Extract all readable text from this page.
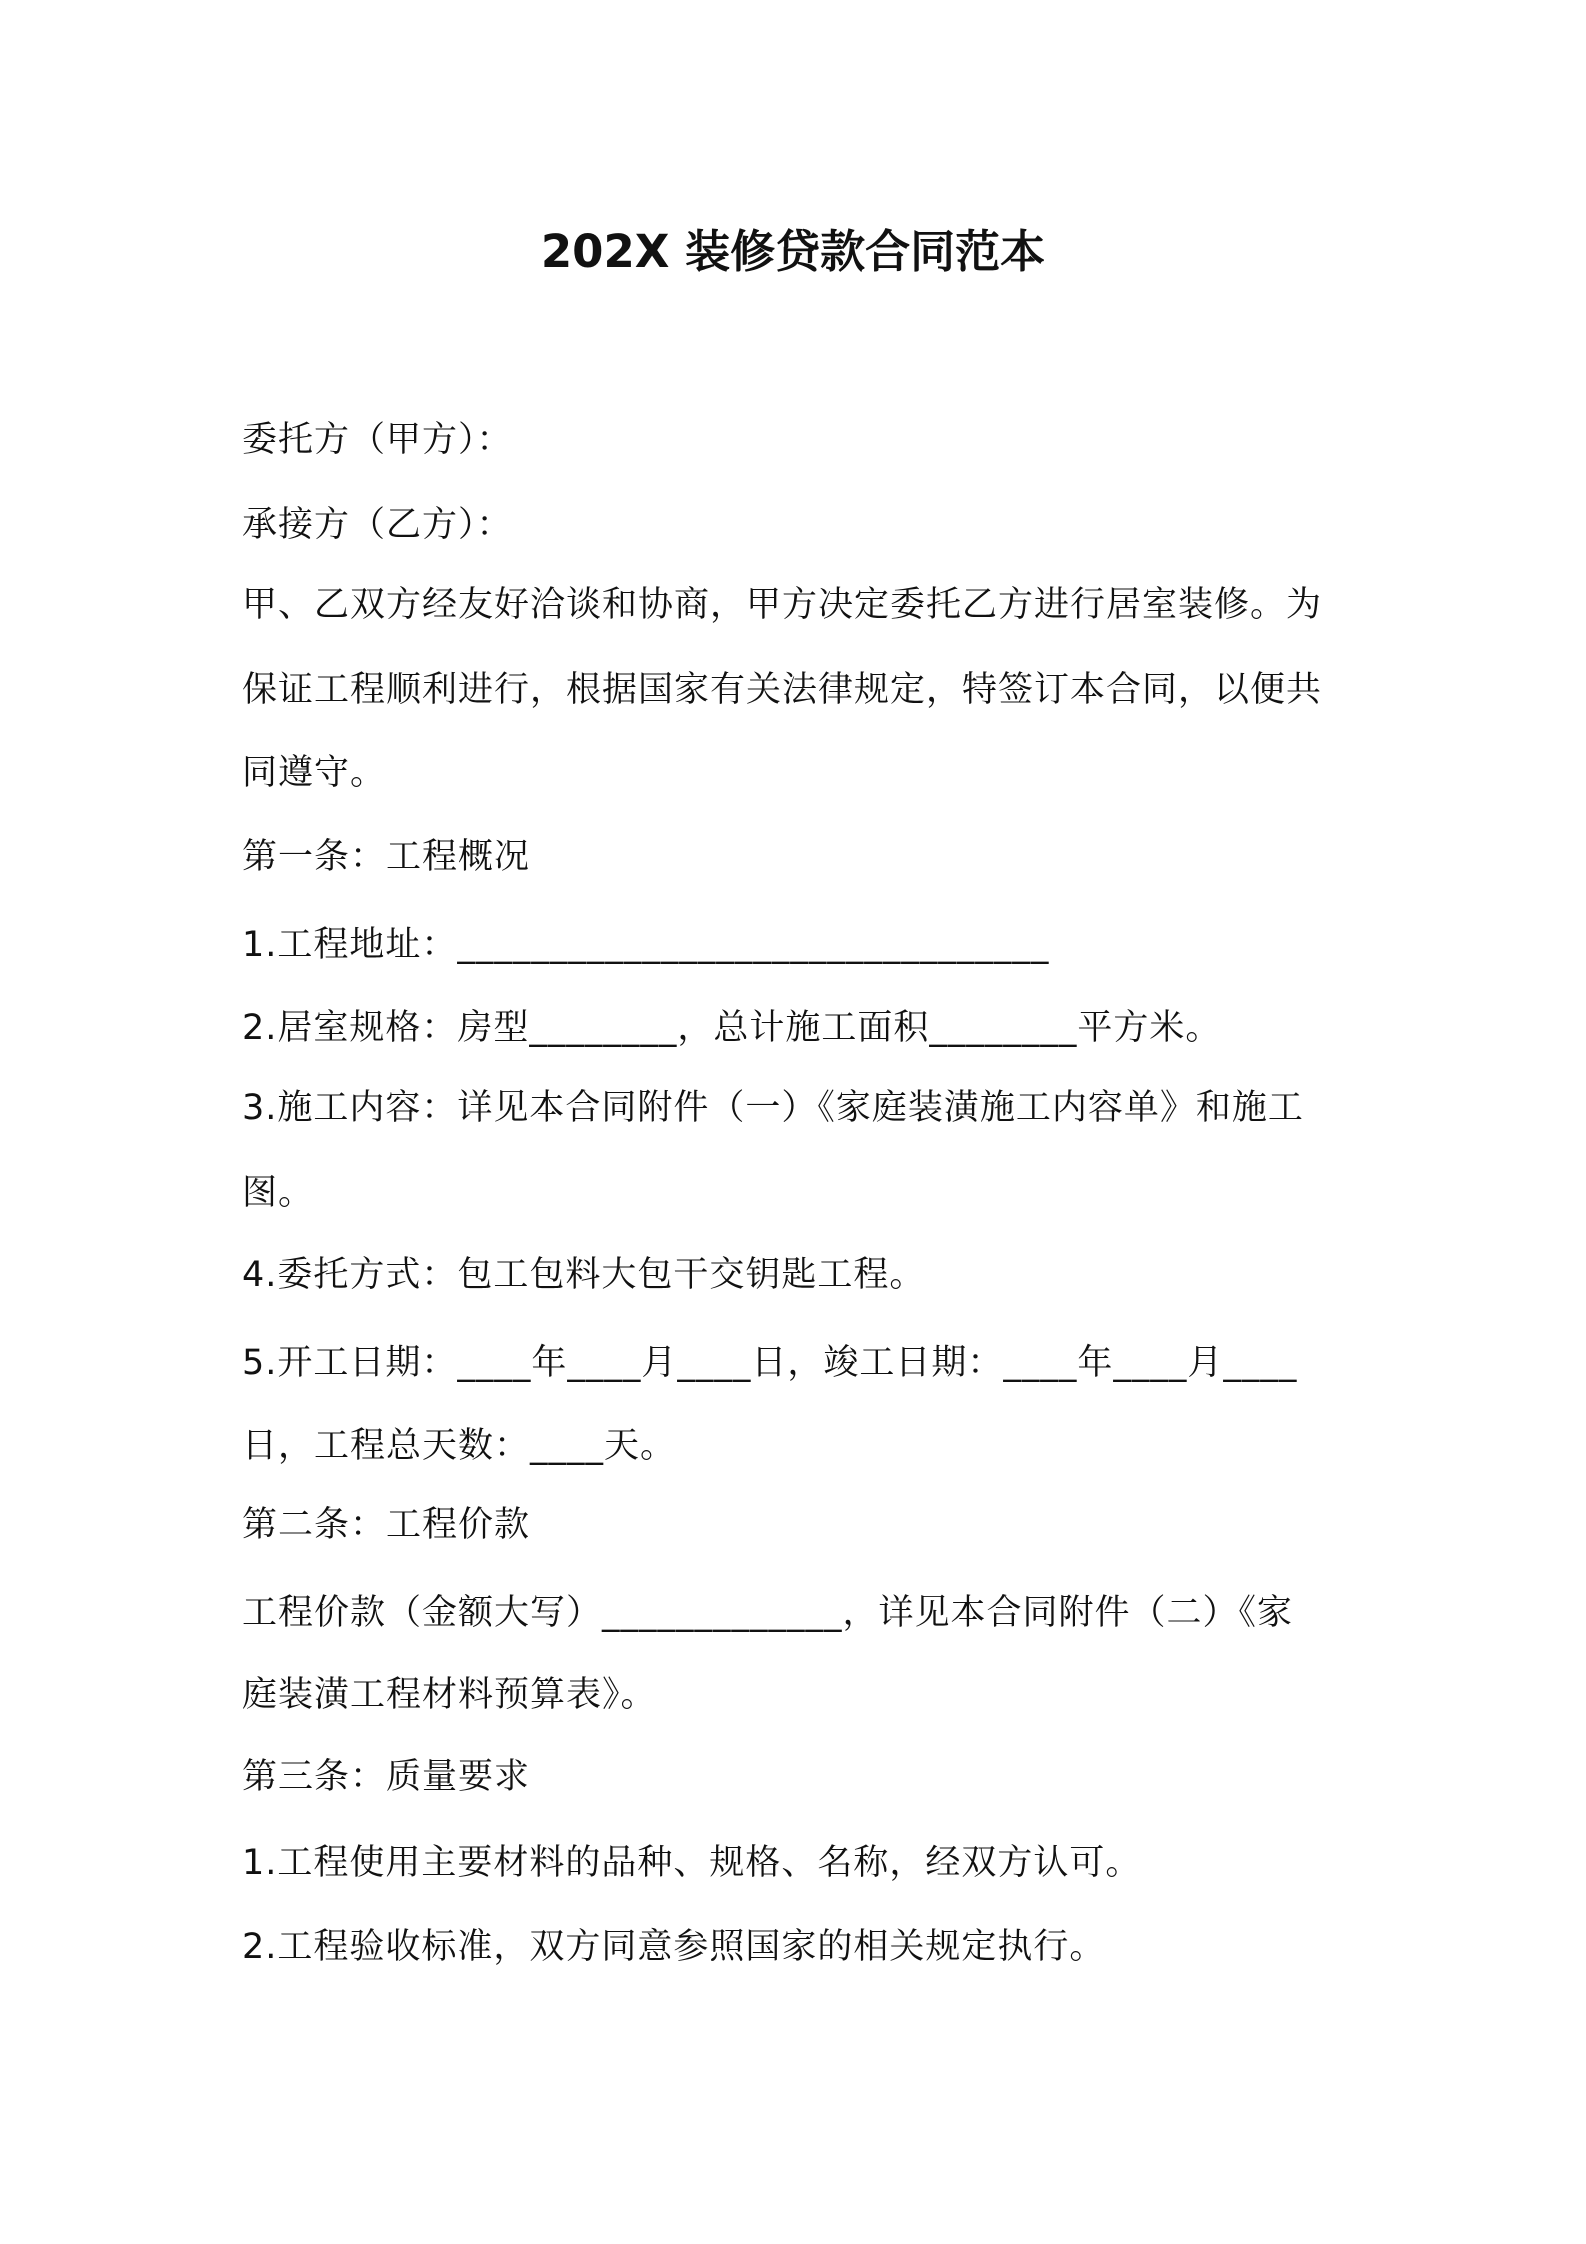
202X 装修贷款合同范本
委托方（甲方）：
承接方（乙方）：
甲、乙双方经友好洽谈和协商，甲方决定委托乙方进行居室装修。为
保证工程顺利进行，根据国家有关法律规定，特签订本合同，以便共
同遵守。
第一条：工程概况
1.工程地址：________________________________
2.居室规格：房型________，总计施工面积________平方米。
3.施工内容：详见本合同附件（一）《家庭装潢施工内容单》和施工
图。
4.委托方式：包工包料大包干交钥匙工程。
5.开工日期：____年____月____日，竣工日期：____年____月____
日，工程总天数：____天。
第二条：工程价款
工程价款（金额大写）_____________，详见本合同附件（二）《家
庭装潢工程材料预算表》。
第三条：质量要求
1.工程使用主要材料的品种、规格、名称，经双方认可。
2.工程验收标准，双方同意参照国家的相关规定执行。
